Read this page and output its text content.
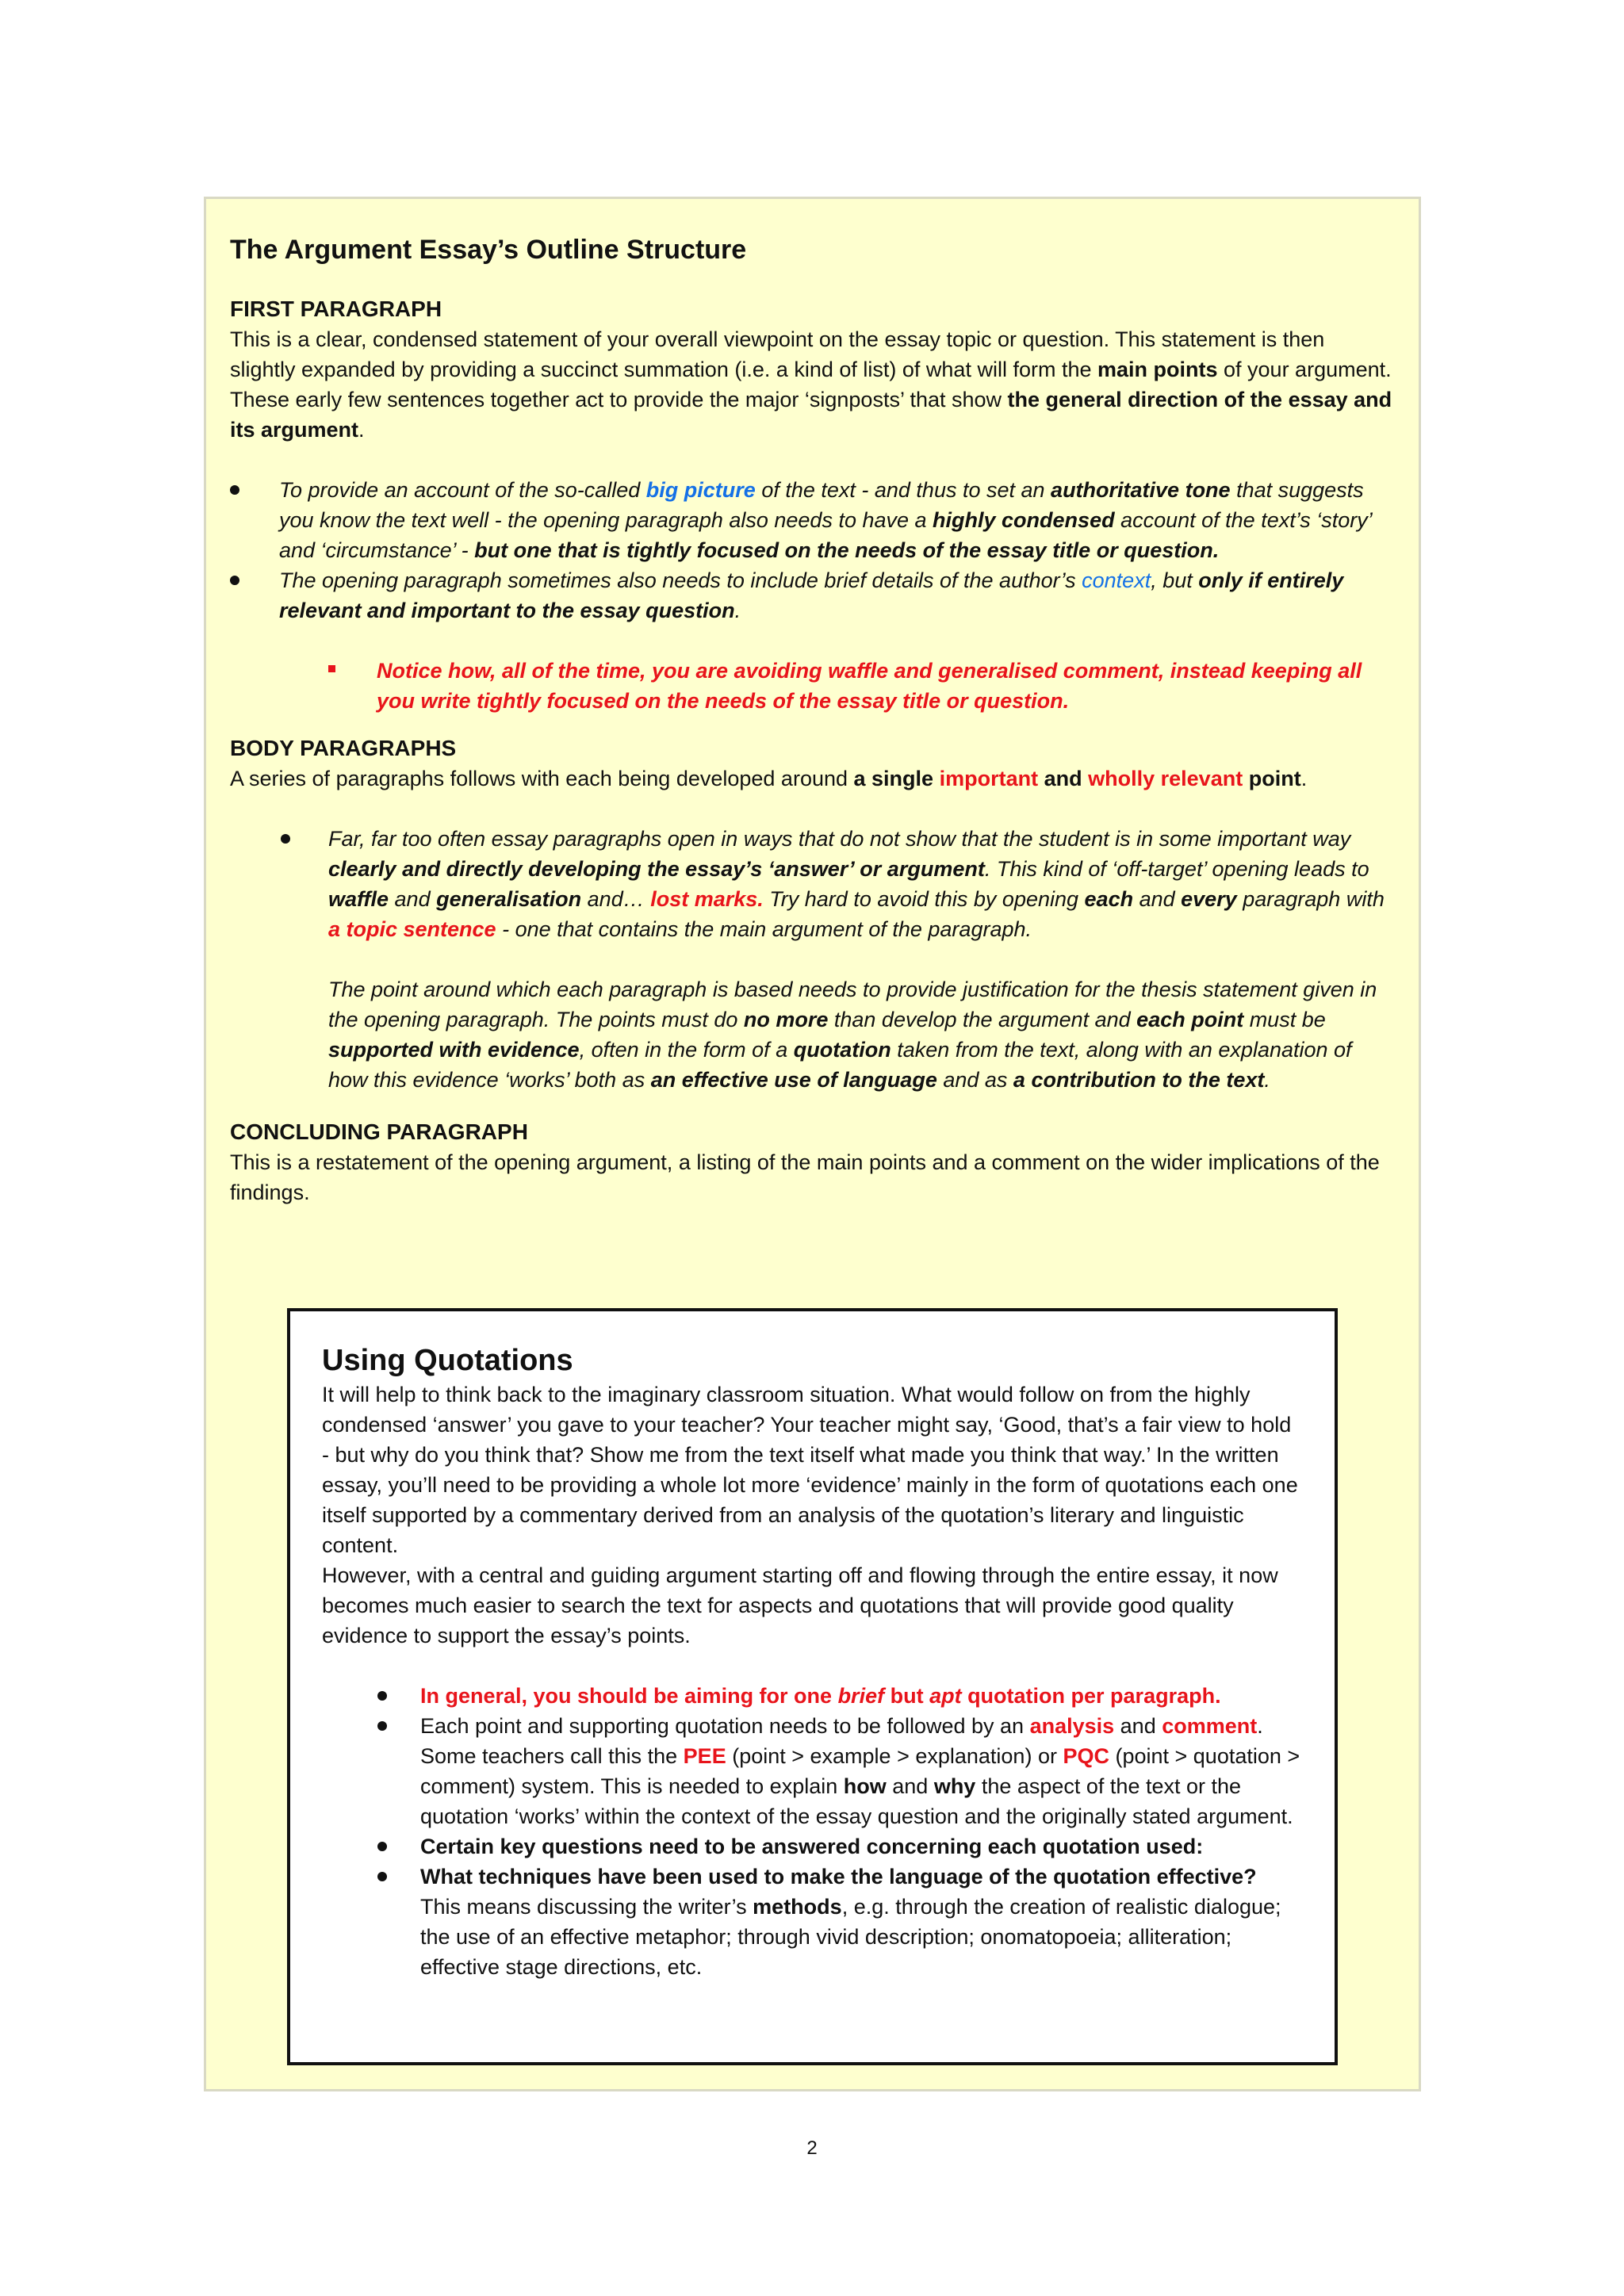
The Argument Essay’s Outline Structure
FIRST PARAGRAPH

This is a clear, condensed statement of your overall viewpoint on the essay topic or question. This statement is then slightly expanded by providing a succinct summation (i.e. a kind of list) of what will form the main points of your argument. These early few sentences together act to provide the major ‘signposts’ that show the general direction of the essay and its argument.

To provide an account of the so-called big picture of the text - and thus to set an authoritative tone that suggests you know the text well - the opening paragraph also needs to have a highly condensed account of the text’s ‘story’ and ‘circumstance’ - but one that is tightly focused on the needs of the essay title or question.
The opening paragraph sometimes also needs to include brief details of the author’s context, but only if entirely relevant and important to the essay question.
Notice how, all of the time, you are avoiding waffle and generalised comment, instead keeping all you write tightly focused on the needs of the essay title or question.
BODY PARAGRAPHS

A series of paragraphs follows with each being developed around a single important and wholly relevant point.

Far, far too often essay paragraphs open in ways that do not show that the student is in some important way clearly and directly developing the essay’s ‘answer’ or argument. This kind of ‘off-target’ opening leads to waffle and generalisation and… lost marks. Try hard to avoid this by opening each and every paragraph with a topic sentence - one that contains the main argument of the paragraph.

The point around which each paragraph is based needs to provide justification for the thesis statement given in the opening paragraph. The points must do no more than develop the argument and each point must be supported with evidence, often in the form of a quotation taken from the text, along with an explanation of how this evidence ‘works’ both as an effective use of language and as a contribution to the text.

CONCLUDING PARAGRAPH

This is a restatement of the opening argument, a listing of the main points and a comment on the wider implications of the findings.

Using Quotations

It will help to think back to the imaginary classroom situation. What would follow on from the highly condensed ‘answer’ you gave to your teacher? Your teacher might say, ‘Good, that’s a fair view to hold - but why do you think that? Show me from the text itself what made you think that way.’ In the written essay, you’ll need to be providing a whole lot more ‘evidence’ mainly in the form of quotations each one itself supported by a commentary derived from an analysis of the quotation’s literary and linguistic content.

However, with a central and guiding argument starting off and flowing through the entire essay, it now becomes much easier to search the text for aspects and quotations that will provide good quality evidence to support the essay’s points.

In general, you should be aiming for one brief but apt quotation per paragraph.
Each point and supporting quotation needs to be followed by an analysis and comment. Some teachers call this the PEE (point > example > explanation) or PQC (point > quotation > comment) system. This is needed to explain how and why the aspect of the text or the quotation ‘works’ within the context of the essay question and the originally stated argument.
Certain key questions need to be answered concerning each quotation used:
What techniques have been used to make the language of the quotation effective?
This means discussing the writer’s methods, e.g. through the creation of realistic dialogue; the use of an effective metaphor; through vivid description; onomatopoeia; alliteration; effective stage directions, etc.
2
